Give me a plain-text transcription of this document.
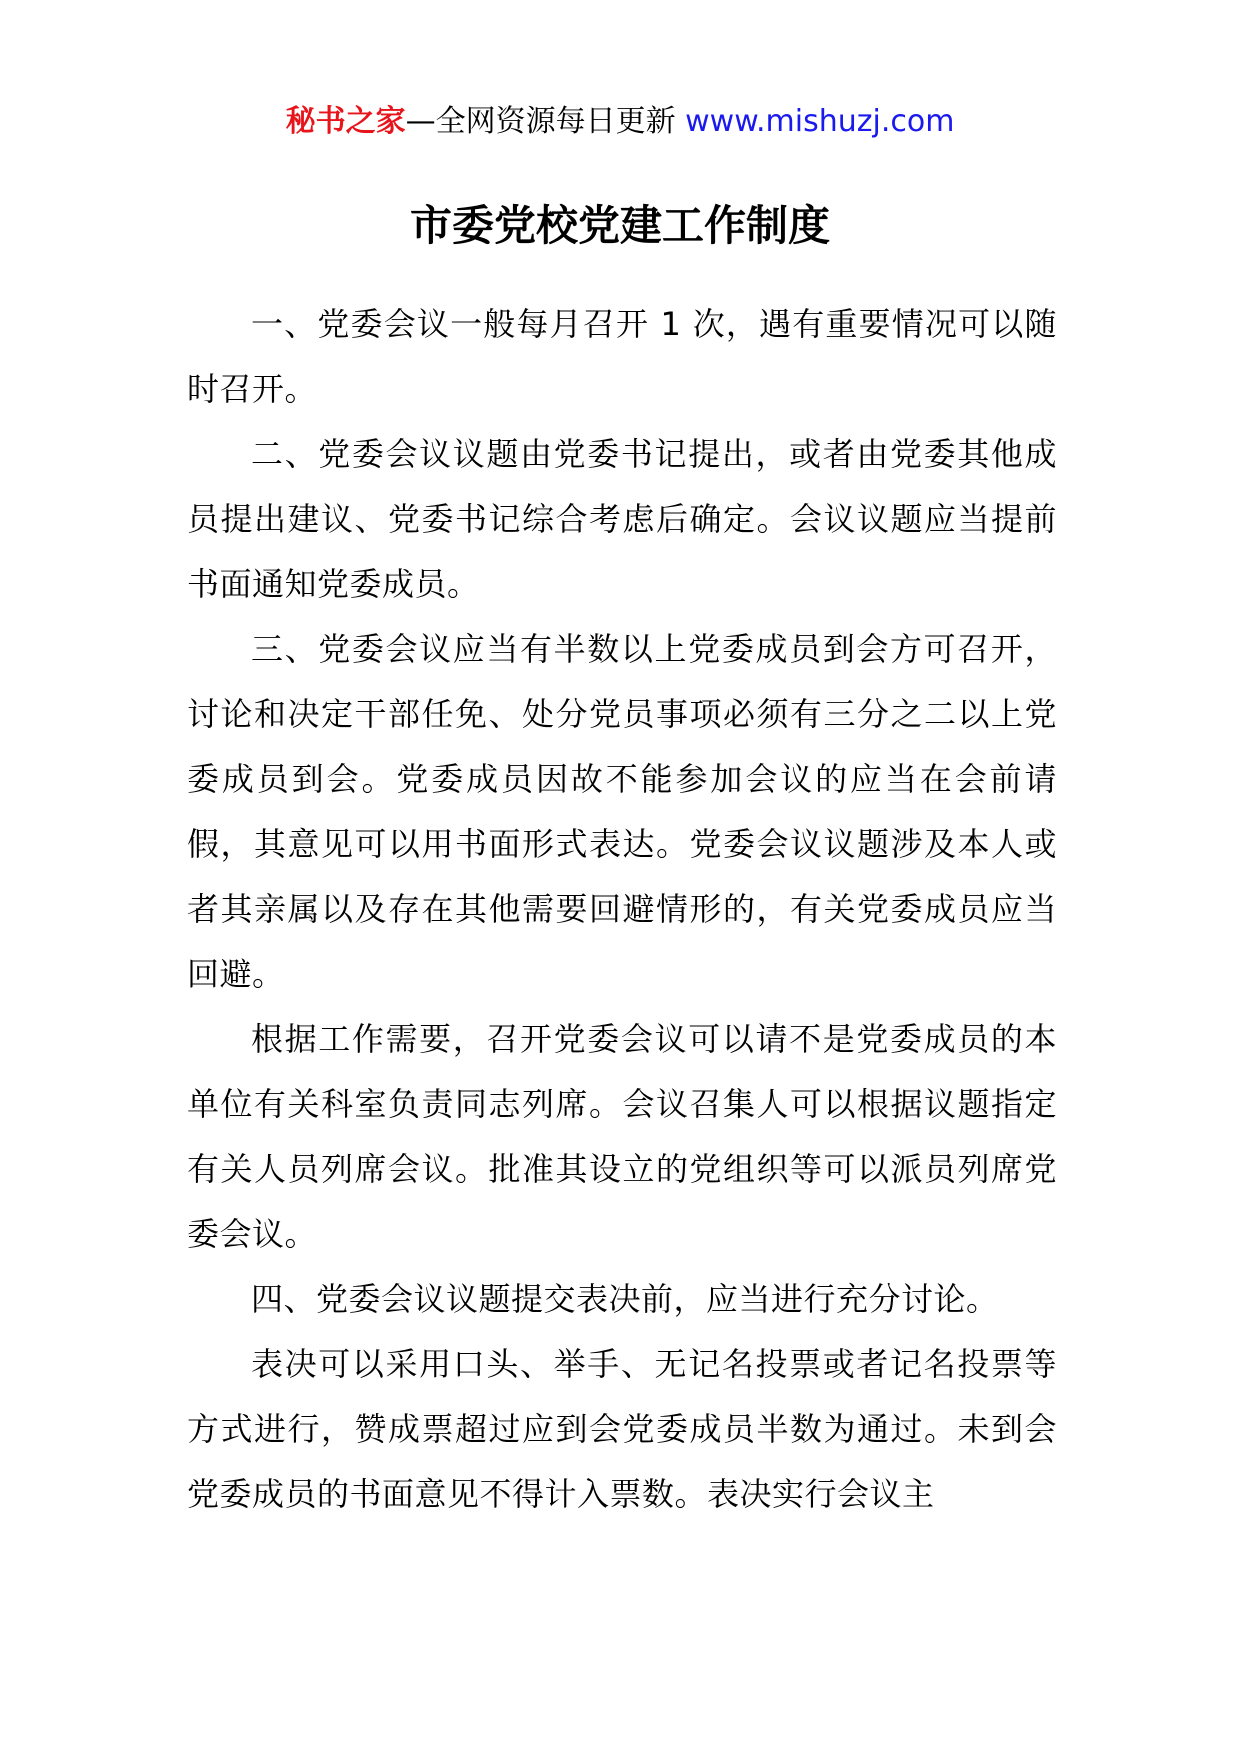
秘书之家—全网资源每日更新 www.mishuzj.com
市委党校党建工作制度

一、党委会议一般每月召开 1 次，遇有重要情况可以随时召开。

二、党委会议议题由党委书记提出，或者由党委其他成员提出建议、党委书记综合考虑后确定。会议议题应当提前书面通知党委成员。

三、党委会议应当有半数以上党委成员到会方可召开，讨论和决定干部任免、处分党员事项必须有三分之二以上党委成员到会。党委成员因故不能参加会议的应当在会前请假，其意见可以用书面形式表达。党委会议议题涉及本人或者其亲属以及存在其他需要回避情形的，有关党委成员应当回避。

根据工作需要，召开党委会议可以请不是党委成员的本单位有关科室负责同志列席。会议召集人可以根据议题指定有关人员列席会议。批准其设立的党组织等可以派员列席党委会议。

四、党委会议议题提交表决前，应当进行充分讨论。

表决可以采用口头、举手、无记名投票或者记名投票等方式进行，赞成票超过应到会党委成员半数为通过。未到会党委成员的书面意见不得计入票数。表决实行会议主
